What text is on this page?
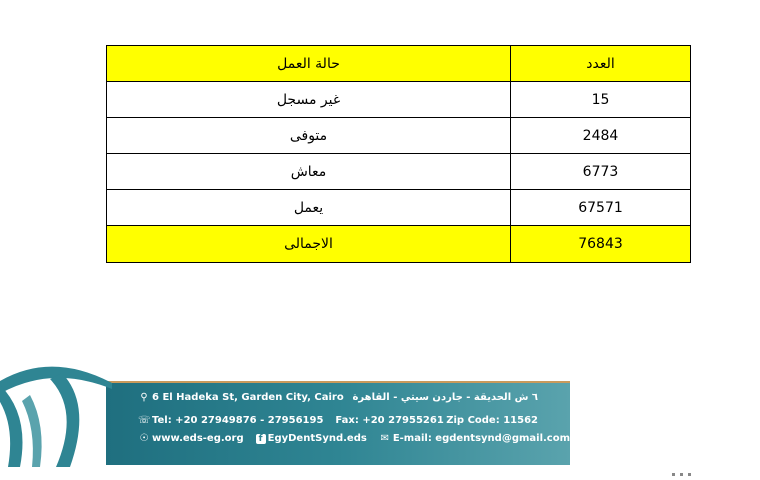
حالة العمل	العدد
غير مسجل	15
متوفى	2484
معاش	6773
يعمل	67571
الاجمالى	76843
⚲ 6 El Hadeka St, Garden City, Cairo ٦ ش الحديقة - جاردن سيتي - القاهرة
☏Tel: +20 27949876 - 27956195 Fax: +20 27955261 Zip Code: 11562
☉ www.eds-eg.org f EgyDentSynd.eds ✉ E-mail: egdentsynd@gmail.com
